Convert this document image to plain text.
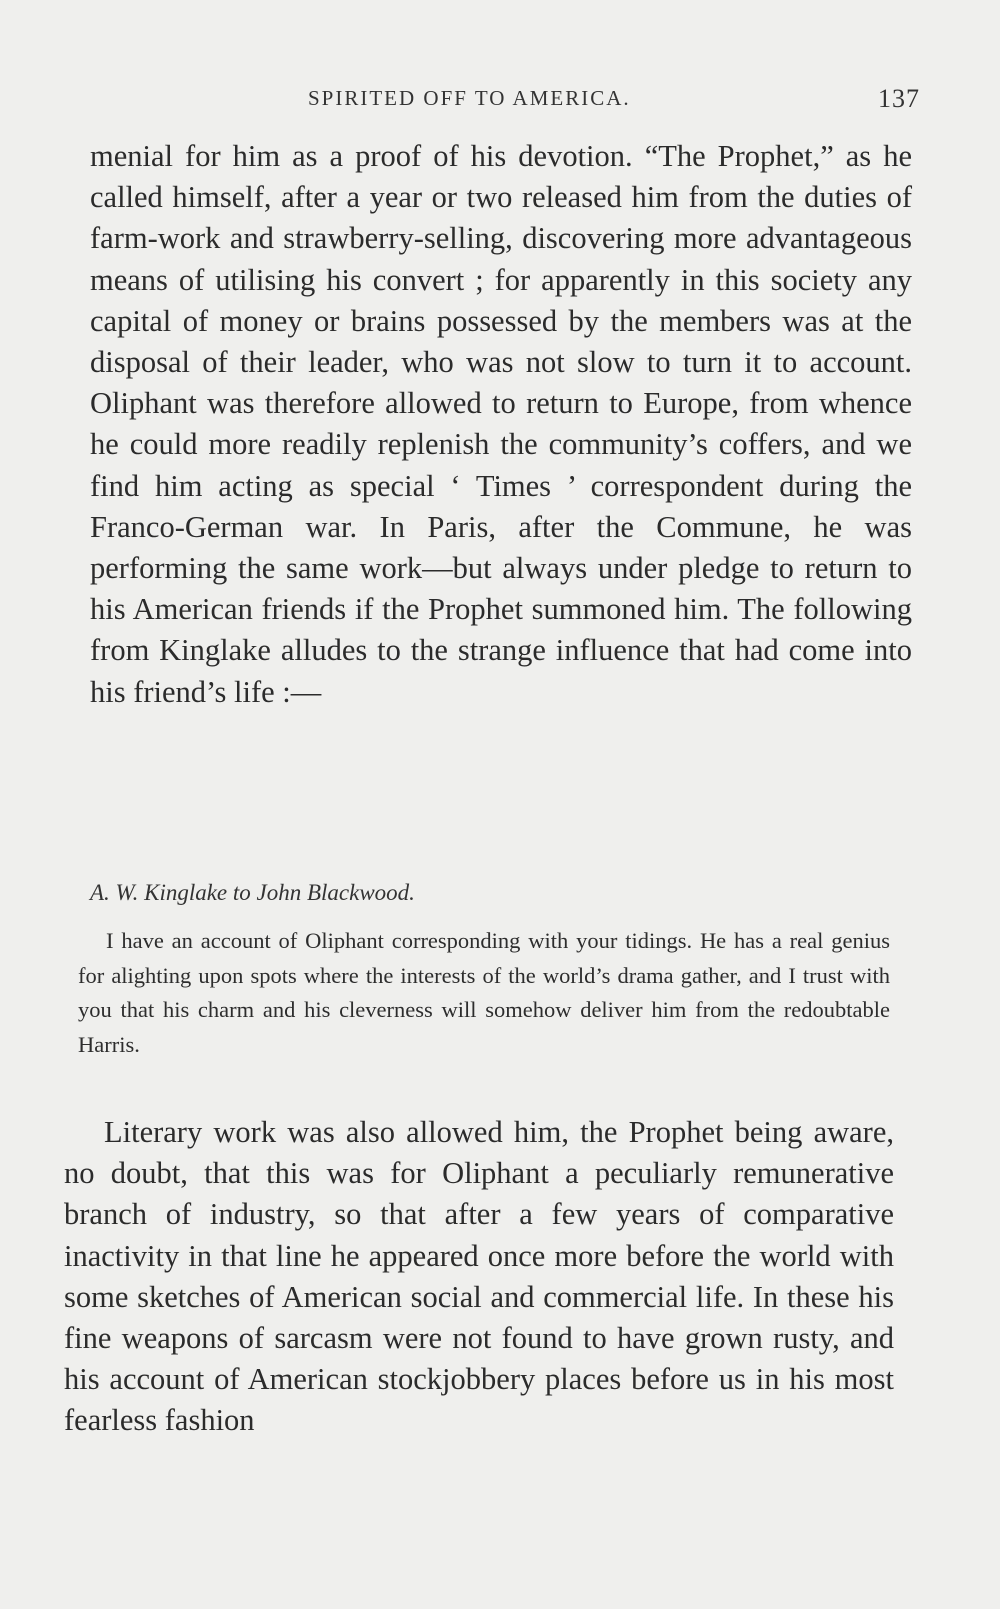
SPIRITED OFF TO AMERICA.	137

menial for him as a proof of his devotion. “The Prophet,” as he called himself, after a year or two released him from the duties of farm-work and strawberry-selling, discovering more advantageous means of utilising his convert ; for apparently in this society any capital of money or brains possessed by the members was at the disposal of their leader, who was not slow to turn it to account. Oliphant was therefore allowed to return to Europe, from whence he could more readily replenish the community’s coffers, and we find him acting as special ‘ Times ’ correspondent during the Franco-German war. In Paris, after the Commune, he was performing the same work—but always under pledge to return to his American friends if the Prophet summoned him. The following from Kinglake alludes to the strange influence that had come into his friend’s life :—

A. W. Kinglake to John Blackwood.

I have an account of Oliphant corresponding with your tidings. He has a real genius for alighting upon spots where the interests of the world’s drama gather, and I trust with you that his charm and his cleverness will somehow deliver him from the redoubtable Harris.

Literary work was also allowed him, the Prophet being aware, no doubt, that this was for Oliphant a peculiarly remunerative branch of industry, so that after a few years of comparative inactivity in that line he appeared once more before the world with some sketches of American social and commercial life. In these his fine weapons of sarcasm were not found to have grown rusty, and his account of American stockjobbery places before us in his most fearless fashion
